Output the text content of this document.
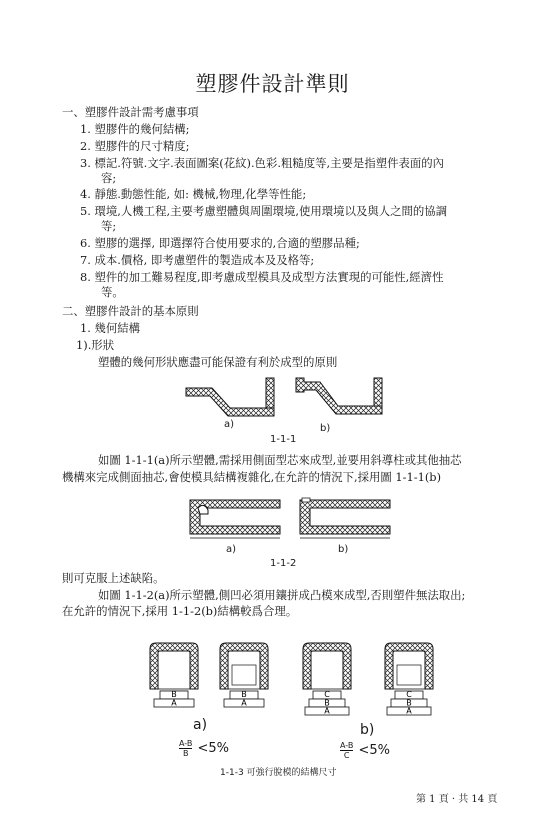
塑膠件設計準則
一、塑膠件設計需考慮事項
1. 塑膠件的幾何結構;
2. 塑膠件的尺寸精度;
3. 標記.符號.文字.表面圖案(花紋).色彩.粗糙度等,主要是指塑件表面的內
容;
4. 靜態.動態性能, 如: 機械,物理,化學等性能;
5. 環境,人機工程,主要考慮塑體與周圍環境,使用環境以及與人之間的協調
等;
6. 塑膠的選擇, 即選擇符合使用要求的,合適的塑膠品種;
7. 成本.價格, 即考慮塑件的製造成本及及格等;
8. 塑件的加工難易程度,即考慮成型模具及成型方法實現的可能性,經濟性
等。
二、塑膠件設計的基本原則
1. 幾何結構
1).形狀
塑體的幾何形狀應盡可能保證有利於成型的原則
a)	b)
1-1-1
如圖 1-1-1(a)所示塑體,需採用側面型芯來成型,並要用斜導柱或其他抽芯
機構來完成側面抽芯,會使模具結構複雜化,在允許的情況下,採用圖 1-1-1(b)
a)	b)
1-1-2
則可克服上述缺陷。
如圖 1-1-2(a)所示塑體,側凹必須用鑲拼成凸模來成型,否則塑件無法取出;
在允許的情況下,採用 1-1-2(b)結構較爲合理。
B
A
B
A
C
B
A
C
B
A
a)	b)
$\frac{A-B}{B} <5\%$	$\frac{A-B}{C} <5\%$
1-1-3 可強行脫模的結構尺寸
第 1 頁 · 共 14 頁
